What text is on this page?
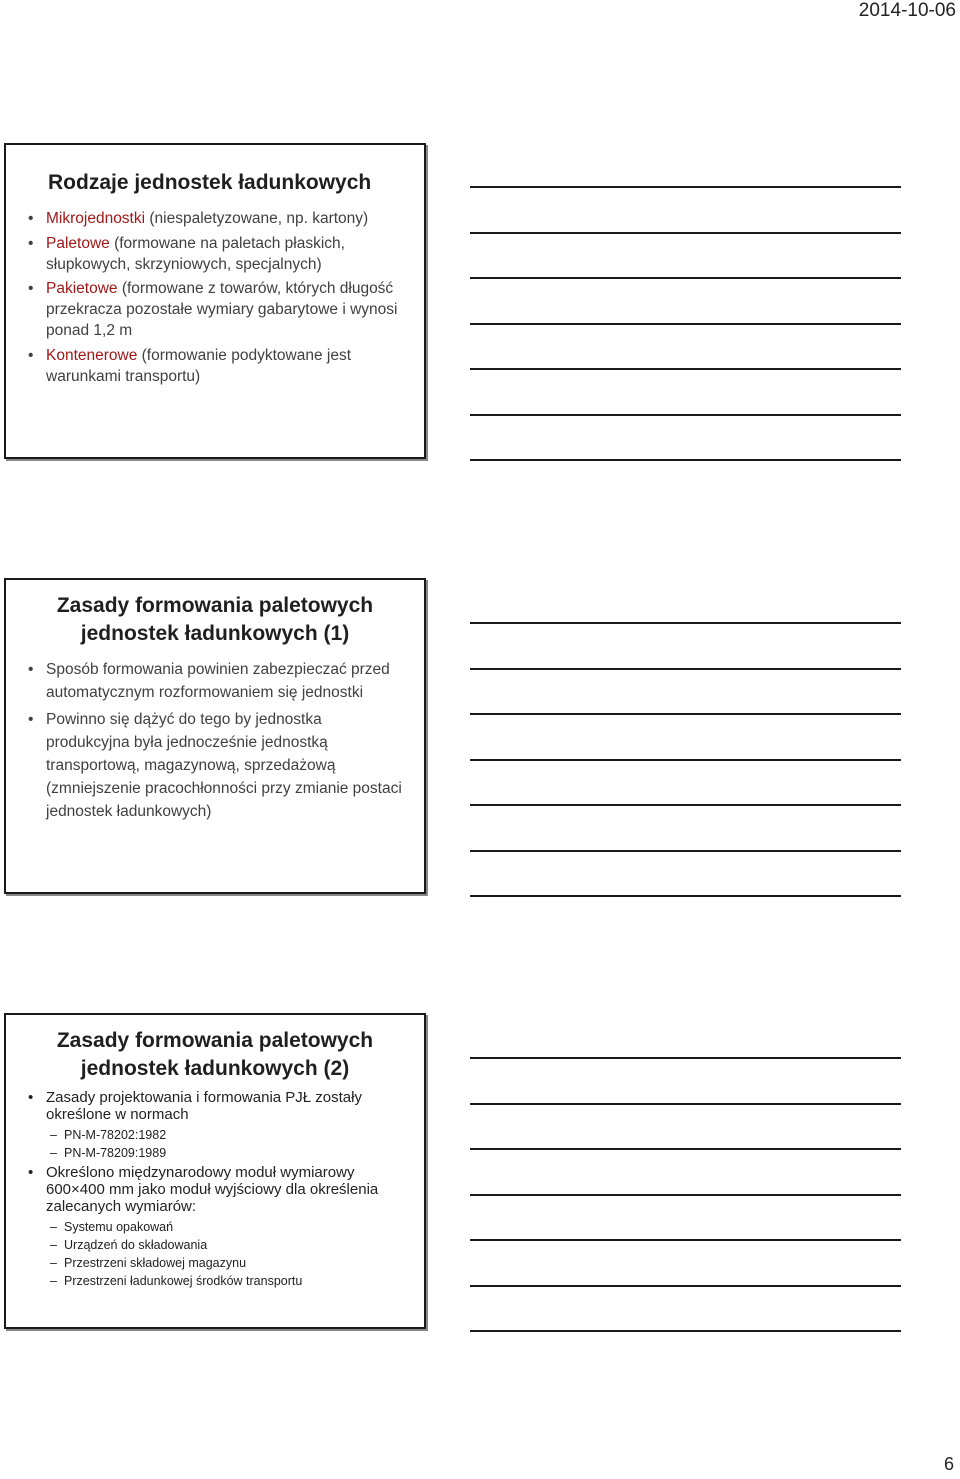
2014-10-06
Rodzaje jednostek ładunkowych
• Mikrojednostki (niespaletyzowane, np. kartony)
• Paletowe (formowane na paletach płaskich, słupkowych, skrzyniowych, specjalnych)
• Pakietowe (formowane z towarów, których długość przekracza pozostałe wymiary gabarytowe i wynosi ponad 1,2 m
• Kontenerowe (formowanie podyktowane jest warunkami transportu)
Zasady formowania paletowych
jednostek ładunkowych (1)
• Sposób formowania powinien zabezpieczać przed automatycznym rozformowaniem się jednostki
• Powinno się dążyć do tego by jednostka produkcyjna była jednocześnie jednostką transportową, magazynową, sprzedażową (zmniejszenie pracochłonności przy zmianie postaci jednostek ładunkowych)
Zasady formowania paletowych
jednostek ładunkowych (2)
• Zasady projektowania i formowania PJŁ zostały określone w normach
– PN-M-78202:1982
– PN-M-78209:1989
• Określono międzynarodowy moduł wymiarowy 600×400 mm jako moduł wyjściowy dla określenia zalecanych wymiarów:
– Systemu opakowań
– Urządzeń do składowania
– Przestrzeni składowej magazynu
– Przestrzeni ładunkowej środków transportu
6
